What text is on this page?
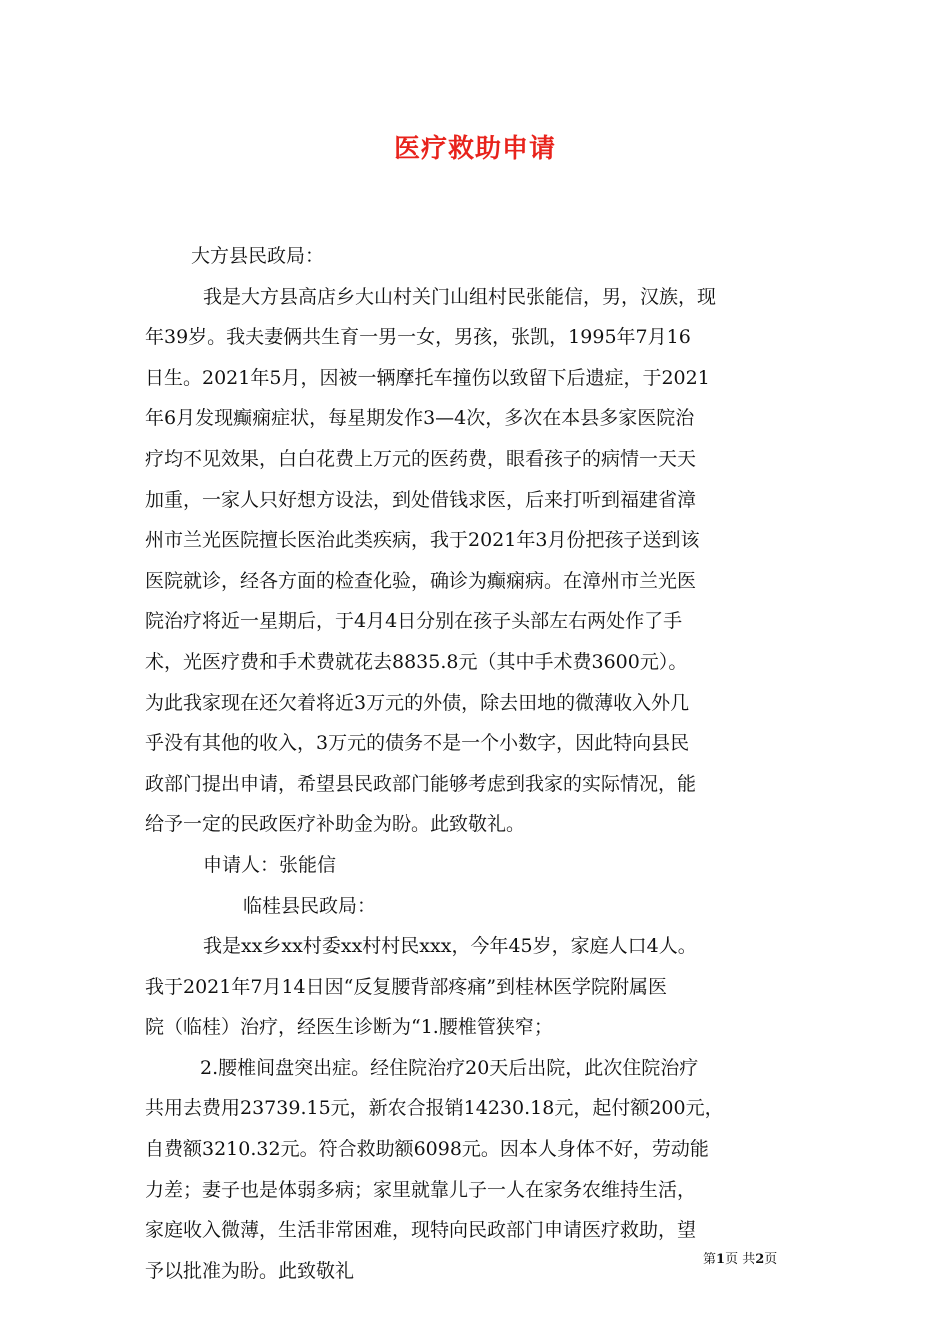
医疗救助申请
大方县民政局：
我是大方县高店乡大山村关门山组村民张能信，男，汉族，现
年39岁。我夫妻俩共生育一男一女，男孩，张凯，1995年7月16
日生。2021年5月，因被一辆摩托车撞伤以致留下后遗症，于2021
年6月发现癫痫症状，每星期发作3—4次，多次在本县多家医院治
疗均不见效果，白白花费上万元的医药费，眼看孩子的病情一天天
加重，一家人只好想方设法，到处借钱求医，后来打听到福建省漳
州市兰光医院擅长医治此类疾病，我于2021年3月份把孩子送到该
医院就诊，经各方面的检查化验，确诊为癫痫病。在漳州市兰光医
院治疗将近一星期后，于4月4日分别在孩子头部左右两处作了手
术，光医疗费和手术费就花去8835.8元（其中手术费3600元）。
为此我家现在还欠着将近3万元的外债，除去田地的微薄收入外几
乎没有其他的收入，3万元的债务不是一个小数字，因此特向县民
政部门提出申请，希望县民政部门能够考虑到我家的实际情况，能
给予一定的民政医疗补助金为盼。此致敬礼。
申请人：张能信
临桂县民政局：
我是xx乡xx村委xx村村民xxx，今年45岁，家庭人口4人。
我于2021年7月14日因“反复腰背部疼痛”到桂林医学院附属医
院（临桂）治疗，经医生诊断为“1.腰椎管狭窄；
2.腰椎间盘突出症。经住院治疗20天后出院，此次住院治疗
共用去费用23739.15元，新农合报销14230.18元，起付额200元，
自费额3210.32元。符合救助额6098元。因本人身体不好，劳动能
力差；妻子也是体弱多病；家里就靠儿子一人在家务农维持生活，
家庭收入微薄，生活非常困难，现特向民政部门申请医疗救助，望
予以批准为盼。此致敬礼
第1页 共2页
